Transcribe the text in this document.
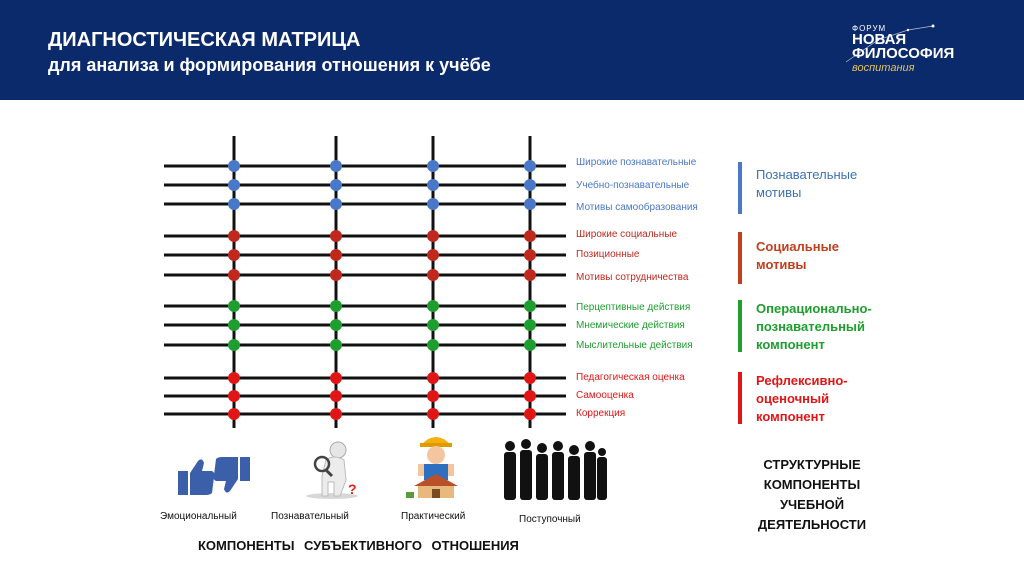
ДИАГНОСТИЧЕСКАЯ МАТРИЦА
для анализа и формирования отношения к учёбе
ФОРУМ
НОВАЯ
ФИЛОСОФИЯ
воспитания
Широкие познавательные
Учебно-познавательные
Мотивы самообразования
Широкие социальные
Позиционные
Мотивы сотрудничества
Перцептивные действия
Мнемические действия
Мыслительные действия
Педагогическая оценка
Самооценка
Коррекция
Познавательные
мотивы
Социальные
мотивы
Операционально-
познавательный
компонент
Рефлексивно-
оценочный
компонент
СТРУКТУРНЫЕ
КОМПОНЕНТЫ
УЧЕБНОЙ
ДЕЯТЕЛЬНОСТИ
?
Эмоциональный	Познавательный	Практический	Поступочный
КОМПОНЕНТЫ СУБЪЕКТИВНОГО ОТНОШЕНИЯ
